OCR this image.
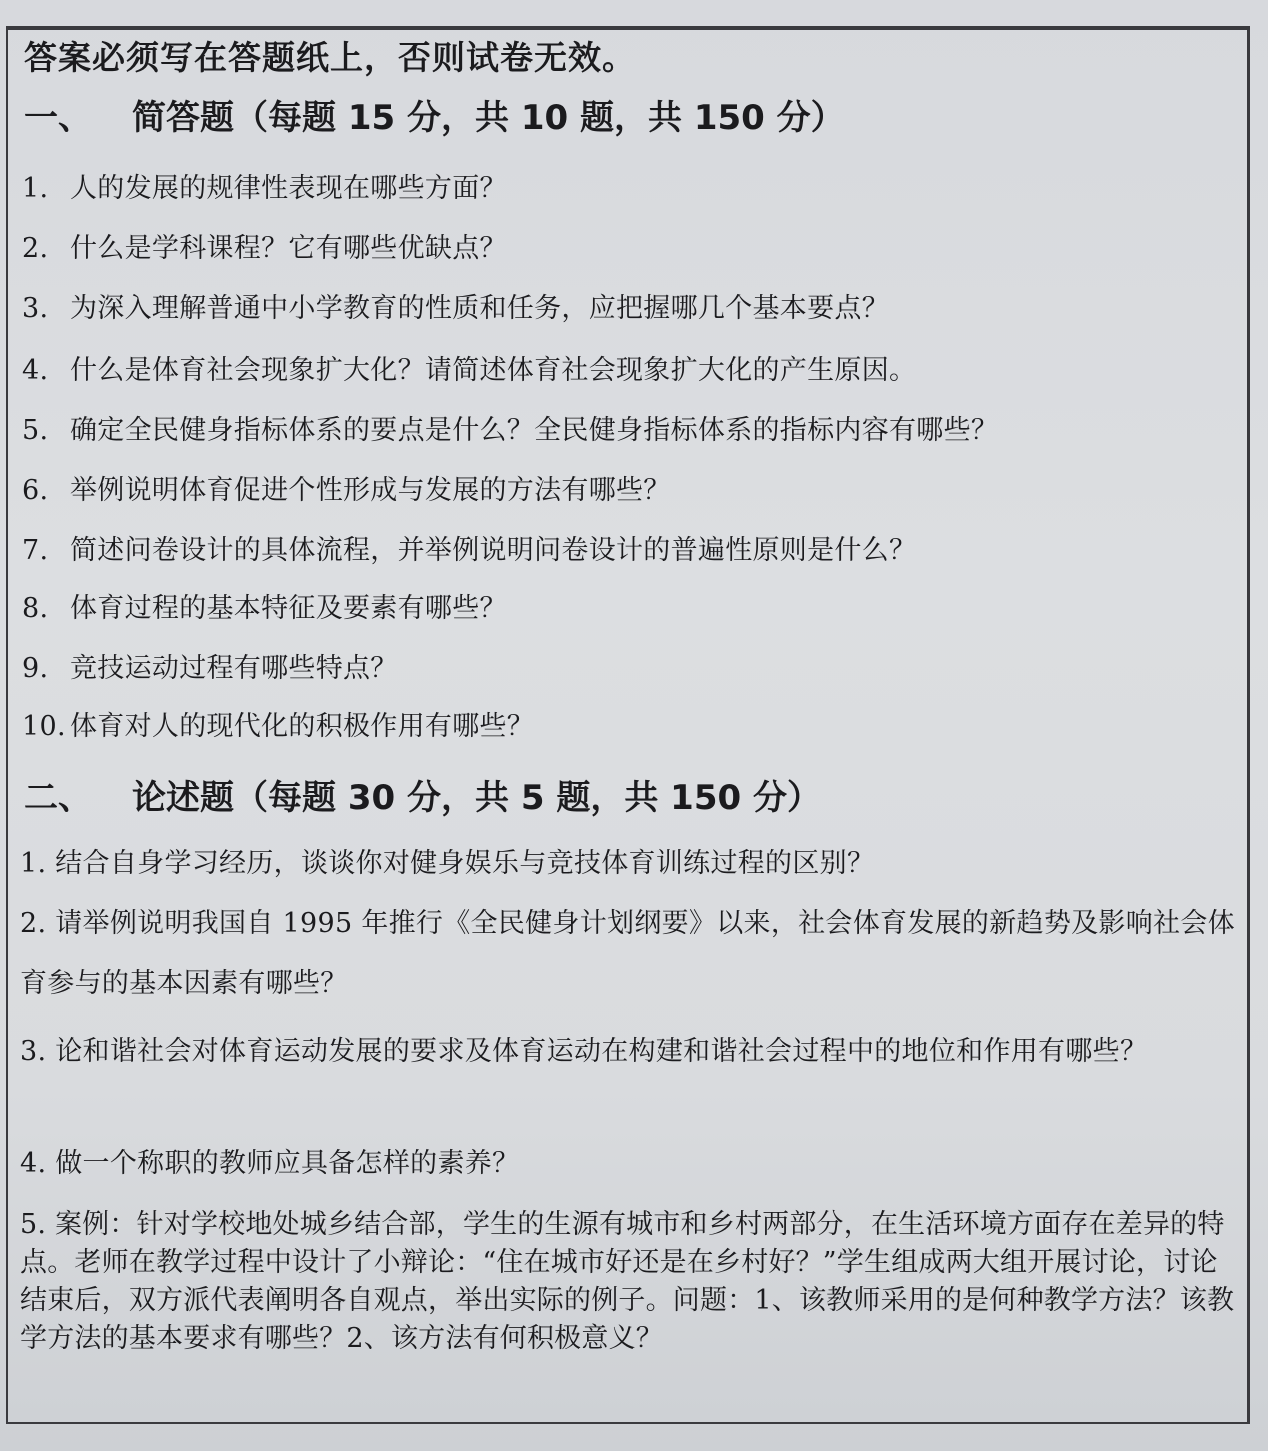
答案必须写在答题纸上，否则试卷无效。
一、 简答题（每题 15 分，共 10 题，共 150 分）
1. 人的发展的规律性表现在哪些方面？
2. 什么是学科课程？它有哪些优缺点？
3. 为深入理解普通中小学教育的性质和任务，应把握哪几个基本要点？
4. 什么是体育社会现象扩大化？请简述体育社会现象扩大化的产生原因。
5. 确定全民健身指标体系的要点是什么？全民健身指标体系的指标内容有哪些？
6. 举例说明体育促进个性形成与发展的方法有哪些？
7. 简述问卷设计的具体流程，并举例说明问卷设计的普遍性原则是什么？
8. 体育过程的基本特征及要素有哪些？
9. 竞技运动过程有哪些特点？
10. 体育对人的现代化的积极作用有哪些？
二、 论述题（每题 30 分，共 5 题，共 150 分）
1. 结合自身学习经历，谈谈你对健身娱乐与竞技体育训练过程的区别？
2. 请举例说明我国自 1995 年推行《全民健身计划纲要》以来，社会体育发展的新趋势及影响社会体育参与的基本因素有哪些？
3. 论和谐社会对体育运动发展的要求及体育运动在构建和谐社会过程中的地位和作用有哪些？
4. 做一个称职的教师应具备怎样的素养？
5. 案例：针对学校地处城乡结合部，学生的生源有城市和乡村两部分，在生活环境方面存在差异的特点。老师在教学过程中设计了小辩论：“住在城市好还是在乡村好？”学生组成两大组开展讨论，讨论结束后，双方派代表阐明各自观点，举出实际的例子。问题：1、该教师采用的是何种教学方法？该教学方法的基本要求有哪些？2、该方法有何积极意义？
